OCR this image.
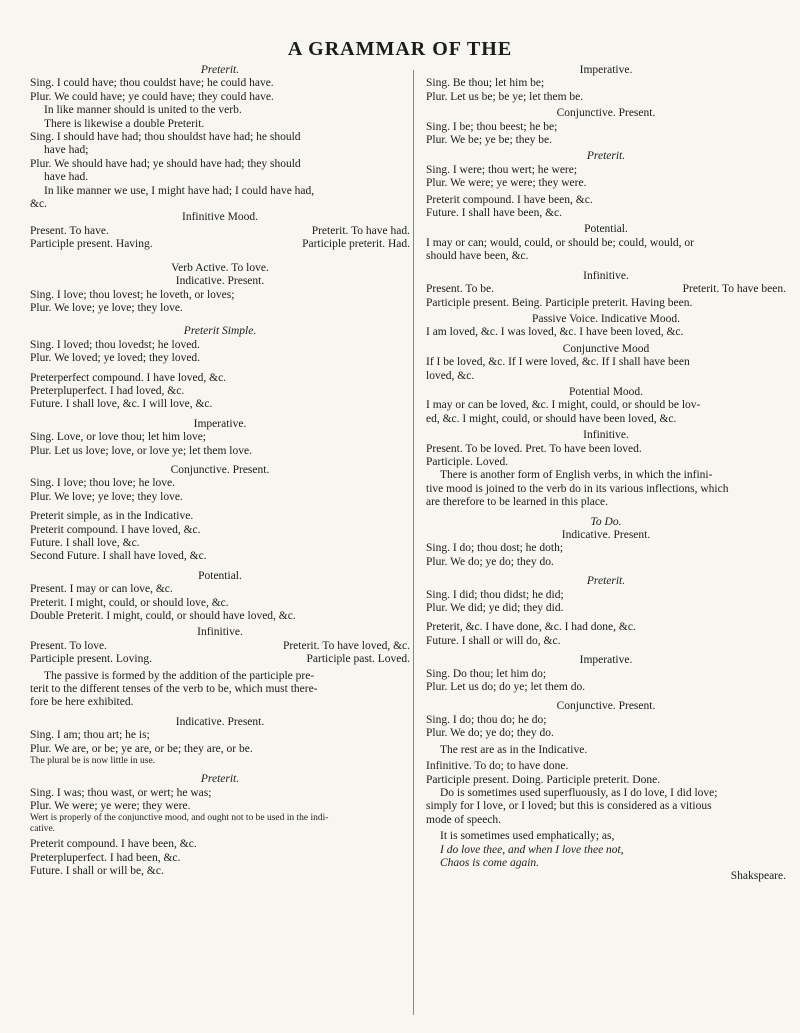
A GRAMMAR OF THE
Preterit.
Sing. I could have; thou couldst have; he could have.
Plur. We could have; ye could have; they could have.
In like manner should is united to the verb.
There is likewise a double Preterit.
Sing. I should have had; thou shouldst have had; he should
have had;
Plur. We should have had; ye should have had; they should
have had.
In like manner we use, I might have had; I could have had,
&c.
Infinitive Mood.
Present. To have.	Preterit. To have had.
Participle present. Having.	Participle preterit. Had.
Verb Active. To love.
Indicative. Present.
Sing. I love; thou lovest; he loveth, or loves;
Plur. We love; ye love; they love.
Preterit Simple.
Sing. I loved; thou lovedst; he loved.
Plur. We loved; ye loved; they loved.
Preterperfect compound. I have loved, &c.
Preterpluperfect. I had loved, &c.
Future. I shall love, &c. I will love, &c.
Imperative.
Sing. Love, or love thou; let him love;
Plur. Let us love; love, or love ye; let them love.
Conjunctive. Present.
Sing. I love; thou love; he love.
Plur. We love; ye love; they love.
Preterit simple, as in the Indicative.
Preterit compound. I have loved, &c.
Future. I shall love, &c.
Second Future. I shall have loved, &c.
Potential.
Present. I may or can love, &c.
Preterit. I might, could, or should love, &c.
Double Preterit. I might, could, or should have loved, &c.
Infinitive.
Present. To love.	Preterit. To have loved, &c.
Participle present. Loving.	Participle past. Loved.
The passive is formed by the addition of the participle pre-
terit to the different tenses of the verb to be, which must there-
fore be here exhibited.
Indicative. Present.
Sing. I am; thou art; he is;
Plur. We are, or be; ye are, or be; they are, or be.
The plural be is now little in use.
Preterit.
Sing. I was; thou wast, or wert; he was;
Plur. We were; ye were; they were.
Wert is properly of the conjunctive mood, and ought not to be used in the indi-
cative.
Preterit compound. I have been, &c.
Preterpluperfect. I had been, &c.
Future. I shall or will be, &c.
Imperative.
Sing. Be thou; let him be;
Plur. Let us be; be ye; let them be.
Conjunctive. Present.
Sing. I be; thou beest; he be;
Plur. We be; ye be; they be.
Preterit.
Sing. I were; thou wert; he were;
Plur. We were; ye were; they were.
Preterit compound. I have been, &c.
Future. I shall have been, &c.
Potential.
I may or can; would, could, or should be; could, would, or
should have been, &c.
Infinitive.
Present. To be.	Preterit. To have been.
Participle present. Being. Participle preterit. Having been.
Passive Voice. Indicative Mood.
I am loved, &c. I was loved, &c. I have been loved, &c.
Conjunctive Mood
If I be loved, &c. If I were loved, &c. If I shall have been
loved, &c.
Potential Mood.
I may or can be loved, &c. I might, could, or should be lov-
ed, &c. I might, could, or should have been loved, &c.
Infinitive.
Present. To be loved. Pret. To have been loved.
Participle. Loved.
There is another form of English verbs, in which the infini-
tive mood is joined to the verb do in its various inflections, which
are therefore to be learned in this place.
To Do.
Indicative. Present.
Sing. I do; thou dost; he doth;
Plur. We do; ye do; they do.
Preterit.
Sing. I did; thou didst; he did;
Plur. We did; ye did; they did.
Preterit, &c. I have done, &c. I had done, &c.
Future. I shall or will do, &c.
Imperative.
Sing. Do thou; let him do;
Plur. Let us do; do ye; let them do.
Conjunctive. Present.
Sing. I do; thou do; he do;
Plur. We do; ye do; they do.
The rest are as in the Indicative.
Infinitive. To do; to have done.
Participle present. Doing. Participle preterit. Done.
Do is sometimes used superfluously, as I do love, I did love;
simply for I love, or I loved; but this is considered as a vitious
mode of speech.
It is sometimes used emphatically; as,
I do love thee, and when I love thee not,
Chaos is come again.
Shakspeare.
